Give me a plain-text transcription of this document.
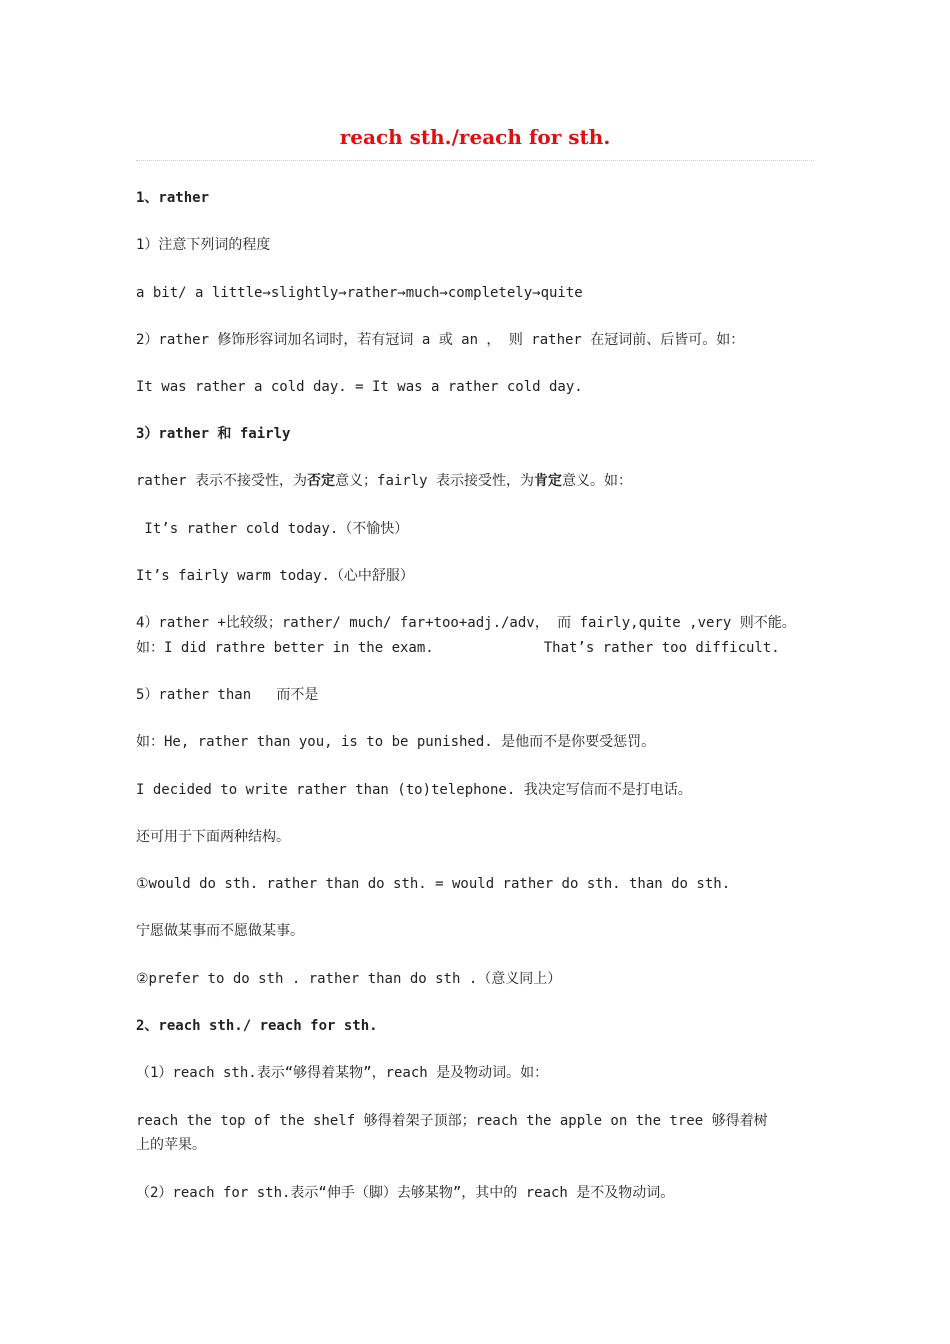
reach sth./reach for sth.
1、rather
1）注意下列词的程度
a bit/ a little→slightly→rather→much→completely→quite
2）rather 修饰形容词加名词时，若有冠词 a 或 an ， 则 rather 在冠词前、后皆可。如：
It was rather a cold day. = It was a rather cold day.
3）rather 和 fairly
rather 表示不接受性，为否定意义；fairly 表示接受性，为肯定意义。如：
It’s rather cold today.（不愉快）
It’s fairly warm today.（心中舒服）
4）rather +比较级；rather/ much/ far+too+adj./adv， 而 fairly,quite ,very 则不能。
如：I did rathre better in the exam.	That’s rather too difficult.
5）rather than   而不是
如：He, rather than you, is to be punished. 是他而不是你要受惩罚。
I decided to write rather than (to)telephone. 我决定写信而不是打电话。
还可用于下面两种结构。
①would do sth. rather than do sth. = would rather do sth. than do sth.
宁愿做某事而不愿做某事。
②prefer to do sth . rather than do sth .（意义同上）
2、reach sth./ reach for sth.
（1）reach sth.表示“够得着某物”，reach 是及物动词。如：
reach the top of the shelf 够得着架子顶部；reach the apple on the tree 够得着树
上的苹果。
（2）reach for sth.表示“伸手（脚）去够某物”，其中的 reach 是不及物动词。
